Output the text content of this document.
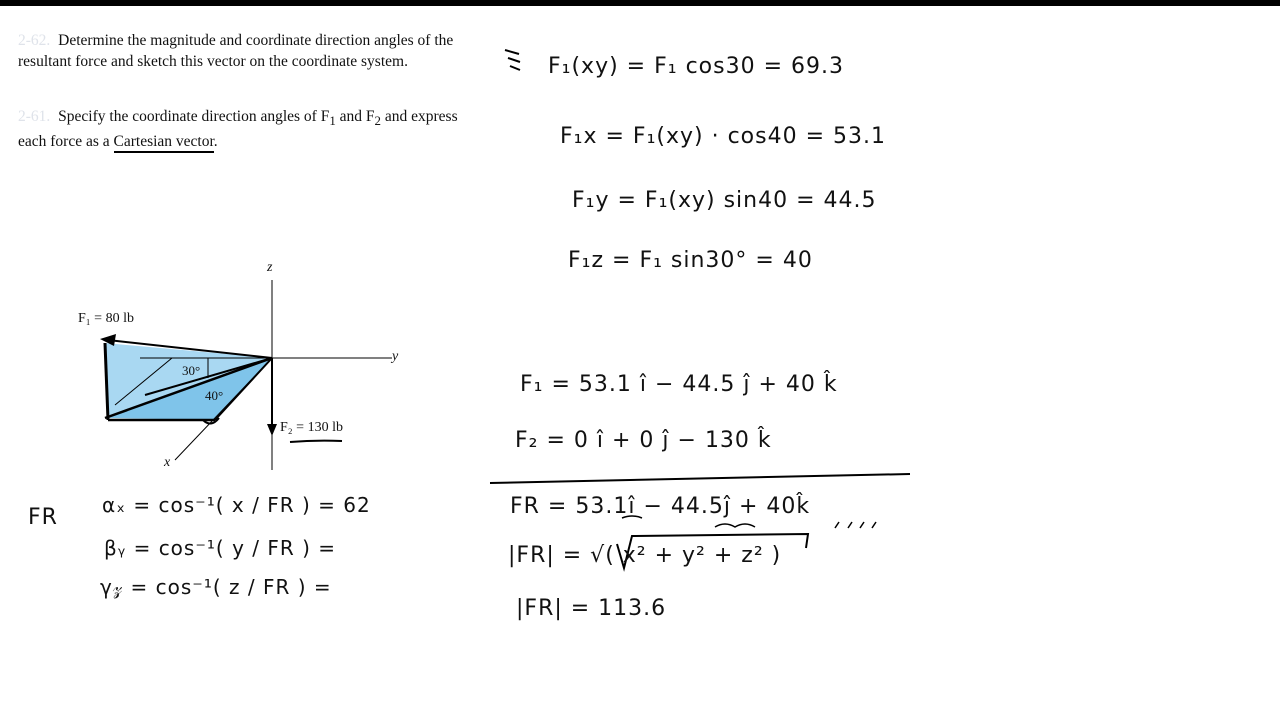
2-62. Determine the magnitude and coordinate direction angles of the resultant force and sketch this vector on the coordinate system.
2-61. Specify the coordinate direction angles of $F_1$ and $F_2$ and express each force as a Cartesian vector.
F₁ = 80 lb
F₂ = 130 lb
z
y
x
30°
40°
F₁(xy) = F₁ cos30 = 69.3
F₁x = F₁(xy) · cos40 = 53.1
F₁y = F₁(xy) sin40 = 44.5
F₁z = F₁ sin30° = 40
F₁ = 53.1 î − 44.5 ĵ + 40 k̂
F₂ = 0 î + 0 ĵ − 130 k̂
FR = 53.1î − 44.5ĵ + 40k̂
|FR| = √( x² + y² + z² )
|FR| = 113.6
FR αₓ = cos⁻¹( x / FR ) = 62
βᵧ = cos⁻¹( y / FR ) =
γ𝓏 = cos⁻¹( z / FR ) =
